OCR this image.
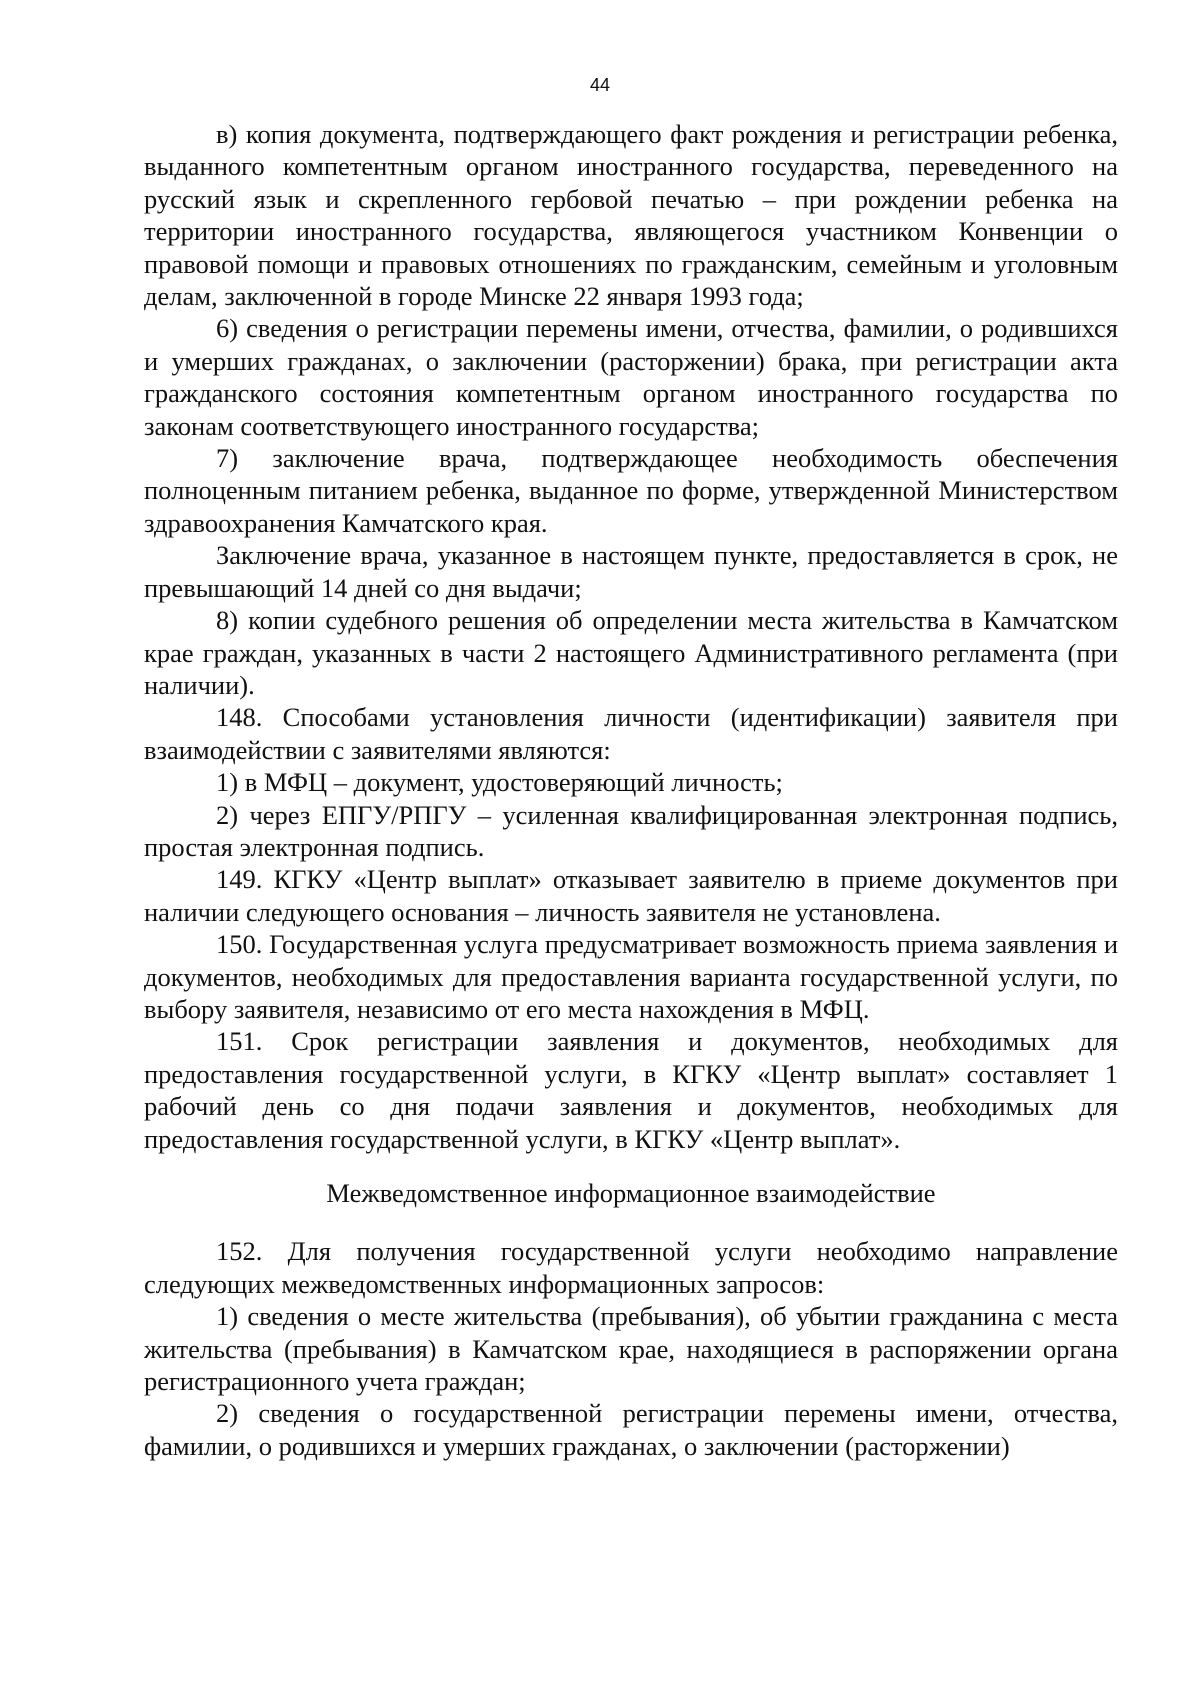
44

в) копия документа, подтверждающего факт рождения и регистрации ребенка, выданного компетентным органом иностранного государства, переведенного на русский язык и скрепленного гербовой печатью – при рождении ребенка на территории иностранного государства, являющегося участником Конвенции о правовой помощи и правовых отношениях по гражданским, семейным и уголовным делам, заключенной в городе Минске 22 января 1993 года;

6) сведения о регистрации перемены имени, отчества, фамилии, о родившихся и умерших гражданах, о заключении (расторжении) брака, при регистрации акта гражданского состояния компетентным органом иностранного государства по законам соответствующего иностранного государства;

7) заключение врача, подтверждающее необходимость обеспечения полноценным питанием ребенка, выданное по форме, утвержденной Министерством здравоохранения Камчатского края.

Заключение врача, указанное в настоящем пункте, предоставляется в срок, не превышающий 14 дней со дня выдачи;

8) копии судебного решения об определении места жительства в Камчатском крае граждан, указанных в части 2 настоящего Административного регламента (при наличии).

148. Способами установления личности (идентификации) заявителя при взаимодействии с заявителями являются:

1) в МФЦ – документ, удостоверяющий личность;

2) через ЕПГУ/РПГУ – усиленная квалифицированная электронная подпись, простая электронная подпись.

149. КГКУ «Центр выплат» отказывает заявителю в приеме документов при наличии следующего основания – личность заявителя не установлена.

150. Государственная услуга предусматривает возможность приема заявления и документов, необходимых для предоставления варианта государственной услуги, по выбору заявителя, независимо от его места нахождения в МФЦ.

151. Срок регистрации заявления и документов, необходимых для предоставления государственной услуги, в КГКУ «Центр выплат» составляет 1 рабочий день со дня подачи заявления и документов, необходимых для предоставления государственной услуги, в КГКУ «Центр выплат».

Межведомственное информационное взаимодействие

152. Для получения государственной услуги необходимо направление следующих межведомственных информационных запросов:

1) сведения о месте жительства (пребывания), об убытии гражданина с места жительства (пребывания) в Камчатском крае, находящиеся в распоряжении органа регистрационного учета граждан;

2) сведения о государственной регистрации перемены имени, отчества, фамилии, о родившихся и умерших гражданах, о заключении (расторжении)
